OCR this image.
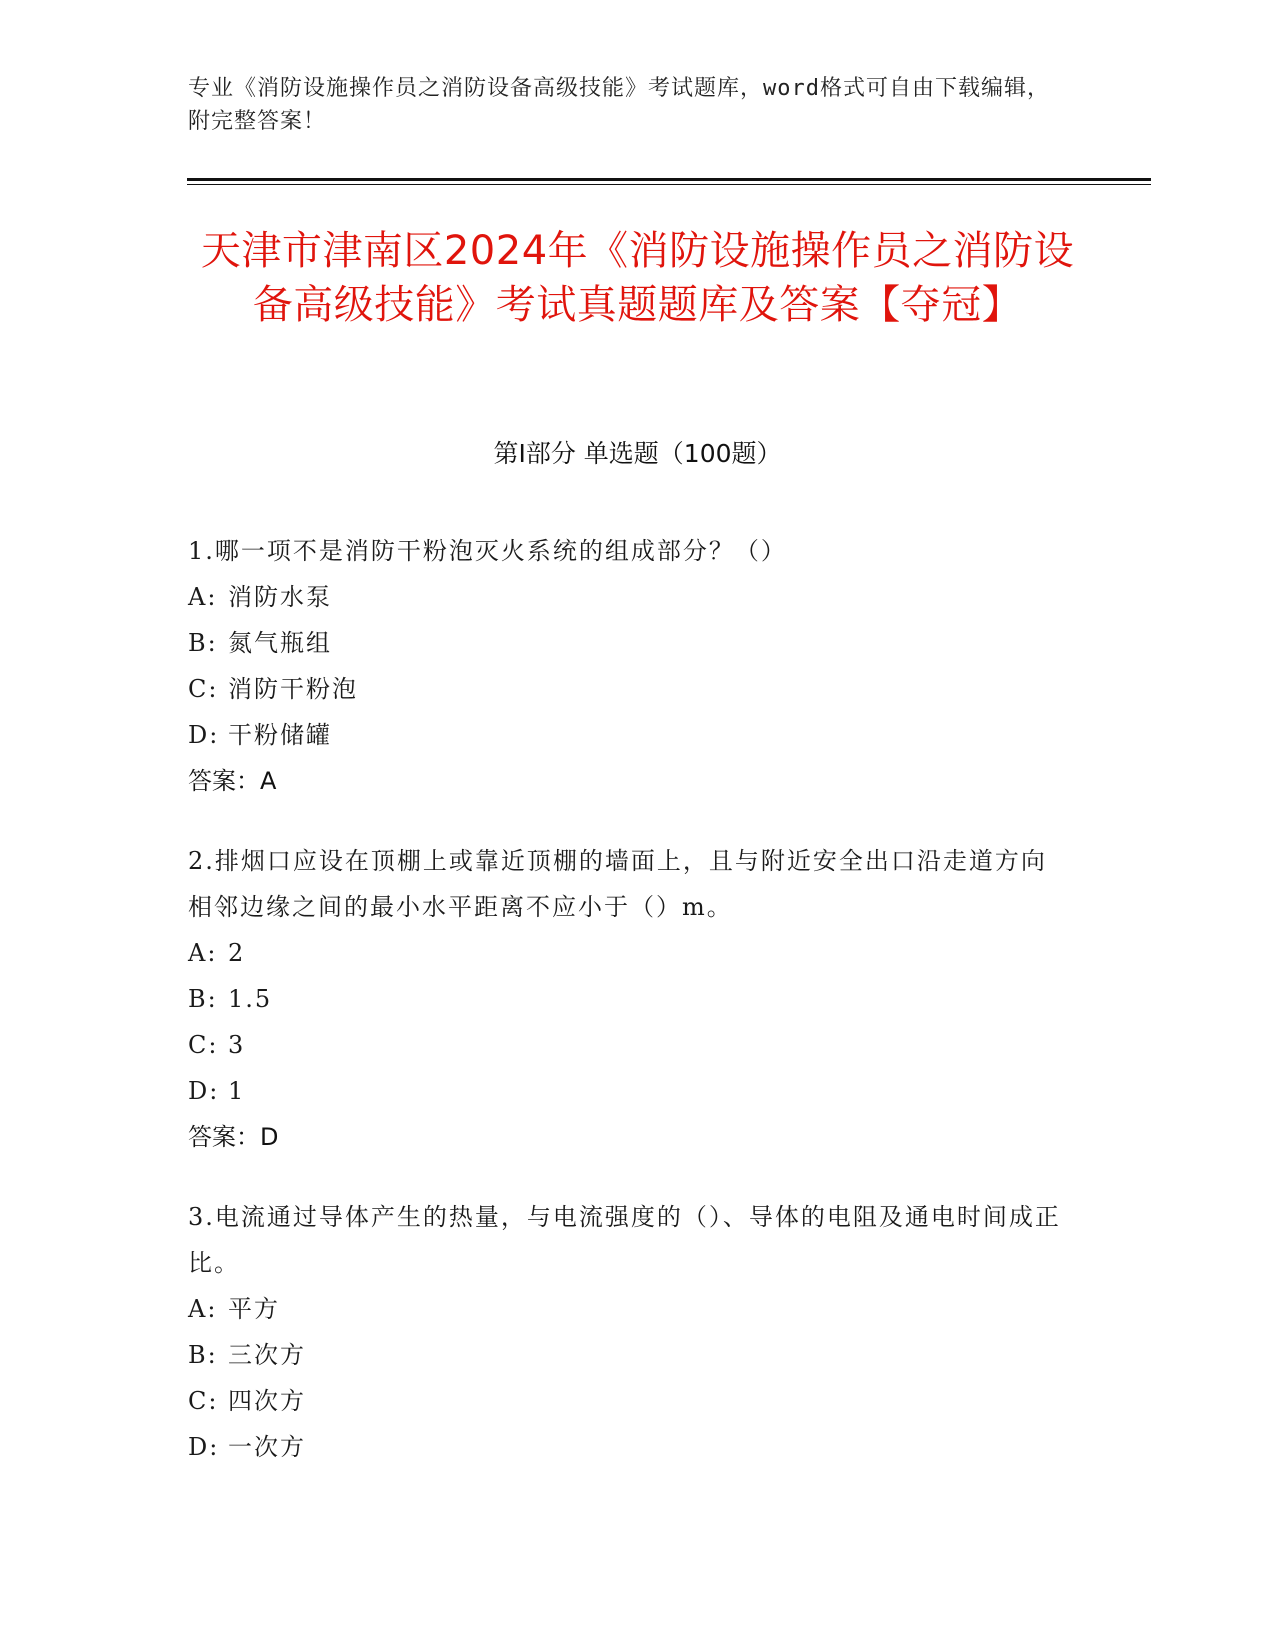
专业《消防设施操作员之消防设备高级技能》考试题库，word格式可自由下载编辑，附完整答案！
天津市津南区2024年《消防设施操作员之消防设备高级技能》考试真题题库及答案【夺冠】
第I部分 单选题（100题）
1.哪一项不是消防干粉泡灭火系统的组成部分？（）
A: 消防水泵
B: 氮气瓶组
C: 消防干粉泡
D: 干粉储罐
答案：A
2.排烟口应设在顶棚上或靠近顶棚的墙面上，且与附近安全出口沿走道方向相邻边缘之间的最小水平距离不应小于（）m。
A: 2
B: 1.5
C: 3
D: 1
答案：D
3.电流通过导体产生的热量，与电流强度的（）、导体的电阻及通电时间成正比。
A: 平方
B: 三次方
C: 四次方
D: 一次方
